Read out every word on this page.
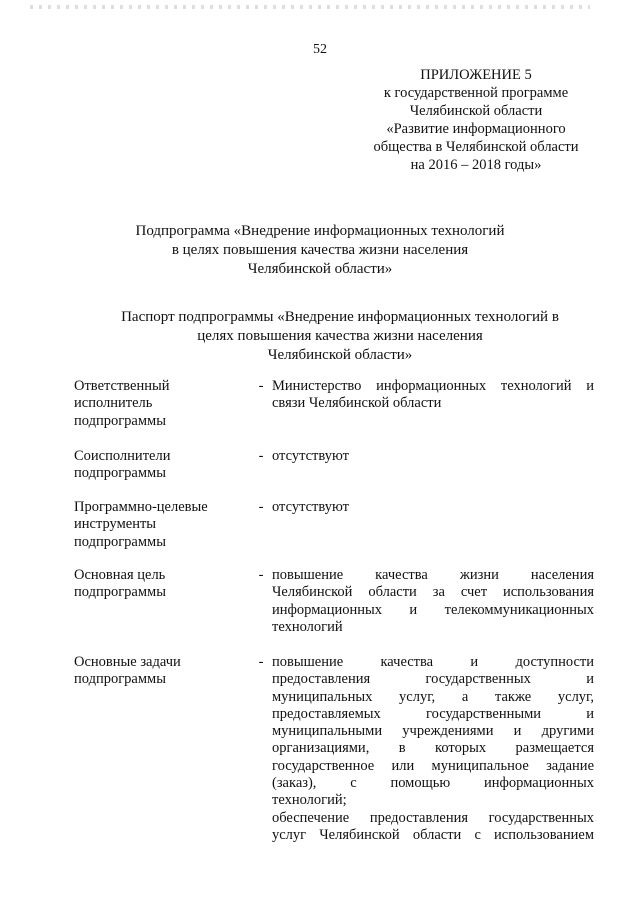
52
ПРИЛОЖЕНИЕ 5
к государственной программе
Челябинской области
«Развитие информационного
общества в Челябинской области
на 2016 – 2018 годы»
Подпрограмма «Внедрение информационных технологий
в целях повышения качества жизни населения
Челябинской области»
Паспорт подпрограммы «Внедрение информационных технологий в
целях повышения качества жизни населения
Челябинской области»
Ответственный
исполнитель
подпрограммы
- Министерство информационных технологий и
связи Челябинской области
Соисполнители
подпрограммы
- отсутствуют
Программно-целевые
инструменты
подпрограммы
- отсутствуют
Основная цель
подпрограммы
- повышение качества жизни населения
Челябинской области за счет использования
информационных и телекоммуникационных
технологий
Основные задачи
подпрограммы
- повышение качества и доступности
предоставления государственных и
муниципальных услуг, а также услуг,
предоставляемых государственными и
муниципальными учреждениями и другими
организациями, в которых размещается
государственное или муниципальное задание
(заказ), с помощью информационных
технологий;
обеспечение предоставления государственных
услуг Челябинской области с использованием
